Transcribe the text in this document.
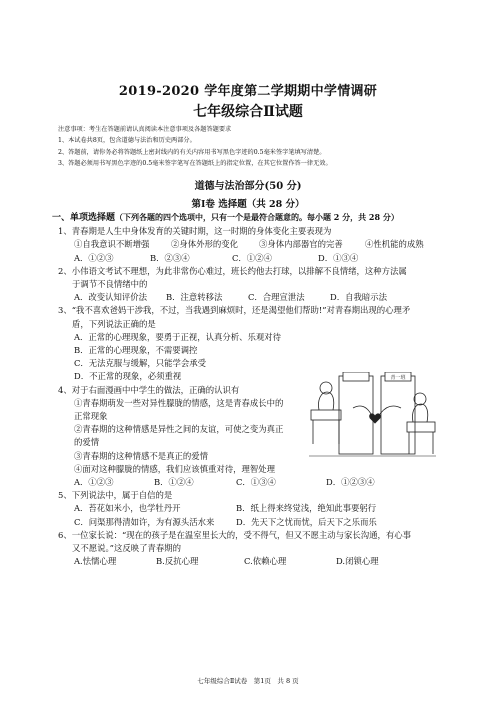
2019-2020 学年度第二学期期中学情调研
七年级综合Ⅱ试题
注意事项：考生在答题前请认真阅读本注意事项及各题答题要求
1、本试卷共8页，包含道德与法治和历史两部分。
2、答题前，请你务必将答题纸上密封线内的有关内容用书写黑色字迹的0.5毫米签字笔填写清楚。
3、答题必须用书写黑色字迹的0.5毫米签字笔写在答题纸上的指定位置，在其它位置作答一律无效。
道德与法治部分(50 分)
第Ⅰ卷 选择题（共 28 分）
一、单项选择题（下列各题的四个选项中，只有一个是最符合题意的。每小题 2 分，共 28 分）
1、青春期是人生中身体发育的关键时期，这一时期的身体变化主要表现为
①自我意识不断增强	②身体外形的变化	③身体内部器官的完善	④性机能的成熟
A．①②③	B．②③④	C．①②④	D．①③④
2、小伟语文考试不理想，为此非常伤心难过，班长约他去打球，以排解不良情绪，这种方法属
于调节不良情绪中的
A．改变认知评价法	B．注意转移法	C．合理宣泄法	D．自我暗示法
3、“我不喜欢爸妈干涉我，不过，当我遇到麻烦时，还是渴望他们帮助!”对青春期出现的心理矛
盾，下列说法正确的是
A．正常的心理现象，要勇于正视，认真分析、乐观对待
B．正常的心理现象，不需要调控
C．无法克服与缓解，只能学会承受
D．不正常的现象，必须重视
4、对于右面漫画中中学生的做法，正确的认识有
①青春期萌发一些对异性朦胧的情感，这是青春成长中的
正常现象
②青春期的这种情感是异性之间的友谊，可使之变为真正
的爱情
③青春期的这种情感不是真正的爱情
④面对这种朦胧的情感，我们应该慎重对待，理智处理
A．①②③	B．①②④	C．①③④	D．①②③④
5、下列说法中，属于自信的是
A．苔花如米小，也学牡丹开	B．纸上得来终觉浅，绝知此事要躬行
C．问渠那得清如许，为有源头活水来	D．先天下之忧而忧，后天下之乐而乐
6、一位家长说：“现在的孩子是在温室里长大的，受不得气，但又不愿主动与家长沟通，有心事
又不愿说。”这反映了青春期的
A.怯懦心理	B.反抗心理	C.依赖心理	D.闭锁心理
青一班
七年级综合Ⅱ试卷　第1页　共 8 页
